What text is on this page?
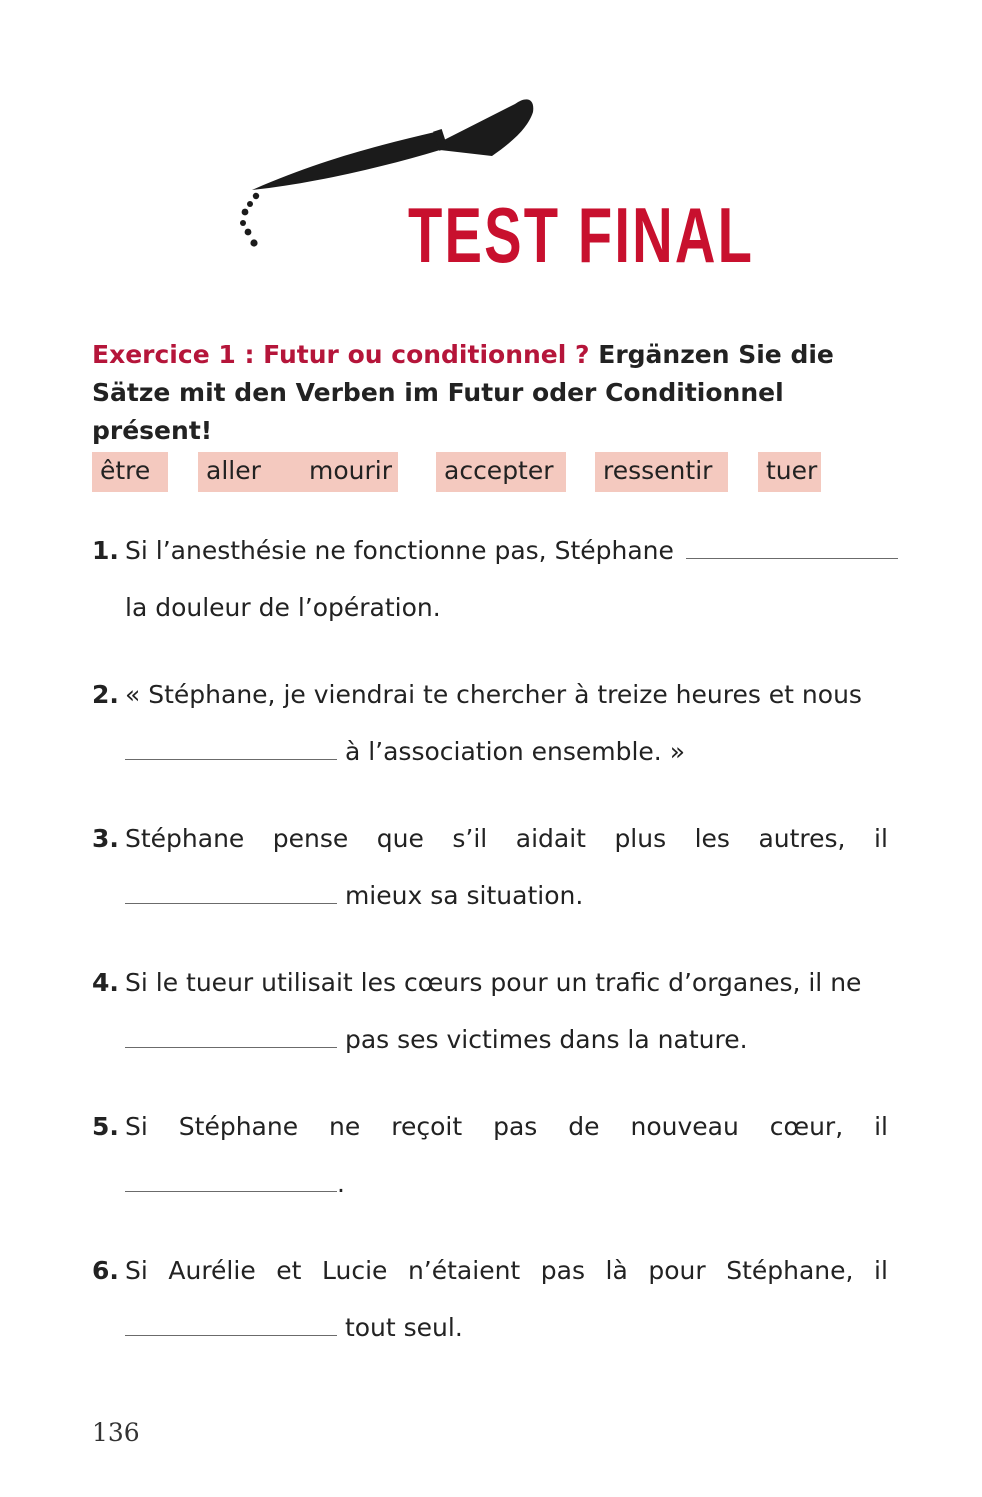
TEST FINAL

Exercice 1 : Futur ou conditionnel ? Ergänzen Sie die
Sätze mit den Verben im Futur oder Conditionnel présent!

être	aller	mourir	accepter	ressentir	tuer
1. Si l’anesthésie ne fonctionne pas, Stéphane
la douleur de l’opération.
2. « Stéphane, je viendrai te chercher à treize heures et nous
à l’association ensemble. »
3. Stéphane pense que s’il aidait plus les autres, il
mieux sa situation.
4. Si le tueur utilisait les cœurs pour un trafic d’organes, il ne
pas ses victimes dans la nature.
5. Si Stéphane ne reçoit pas de nouveau cœur, il
.
6. Si Aurélie et Lucie n’étaient pas là pour Stéphane, il
tout seul.
136
